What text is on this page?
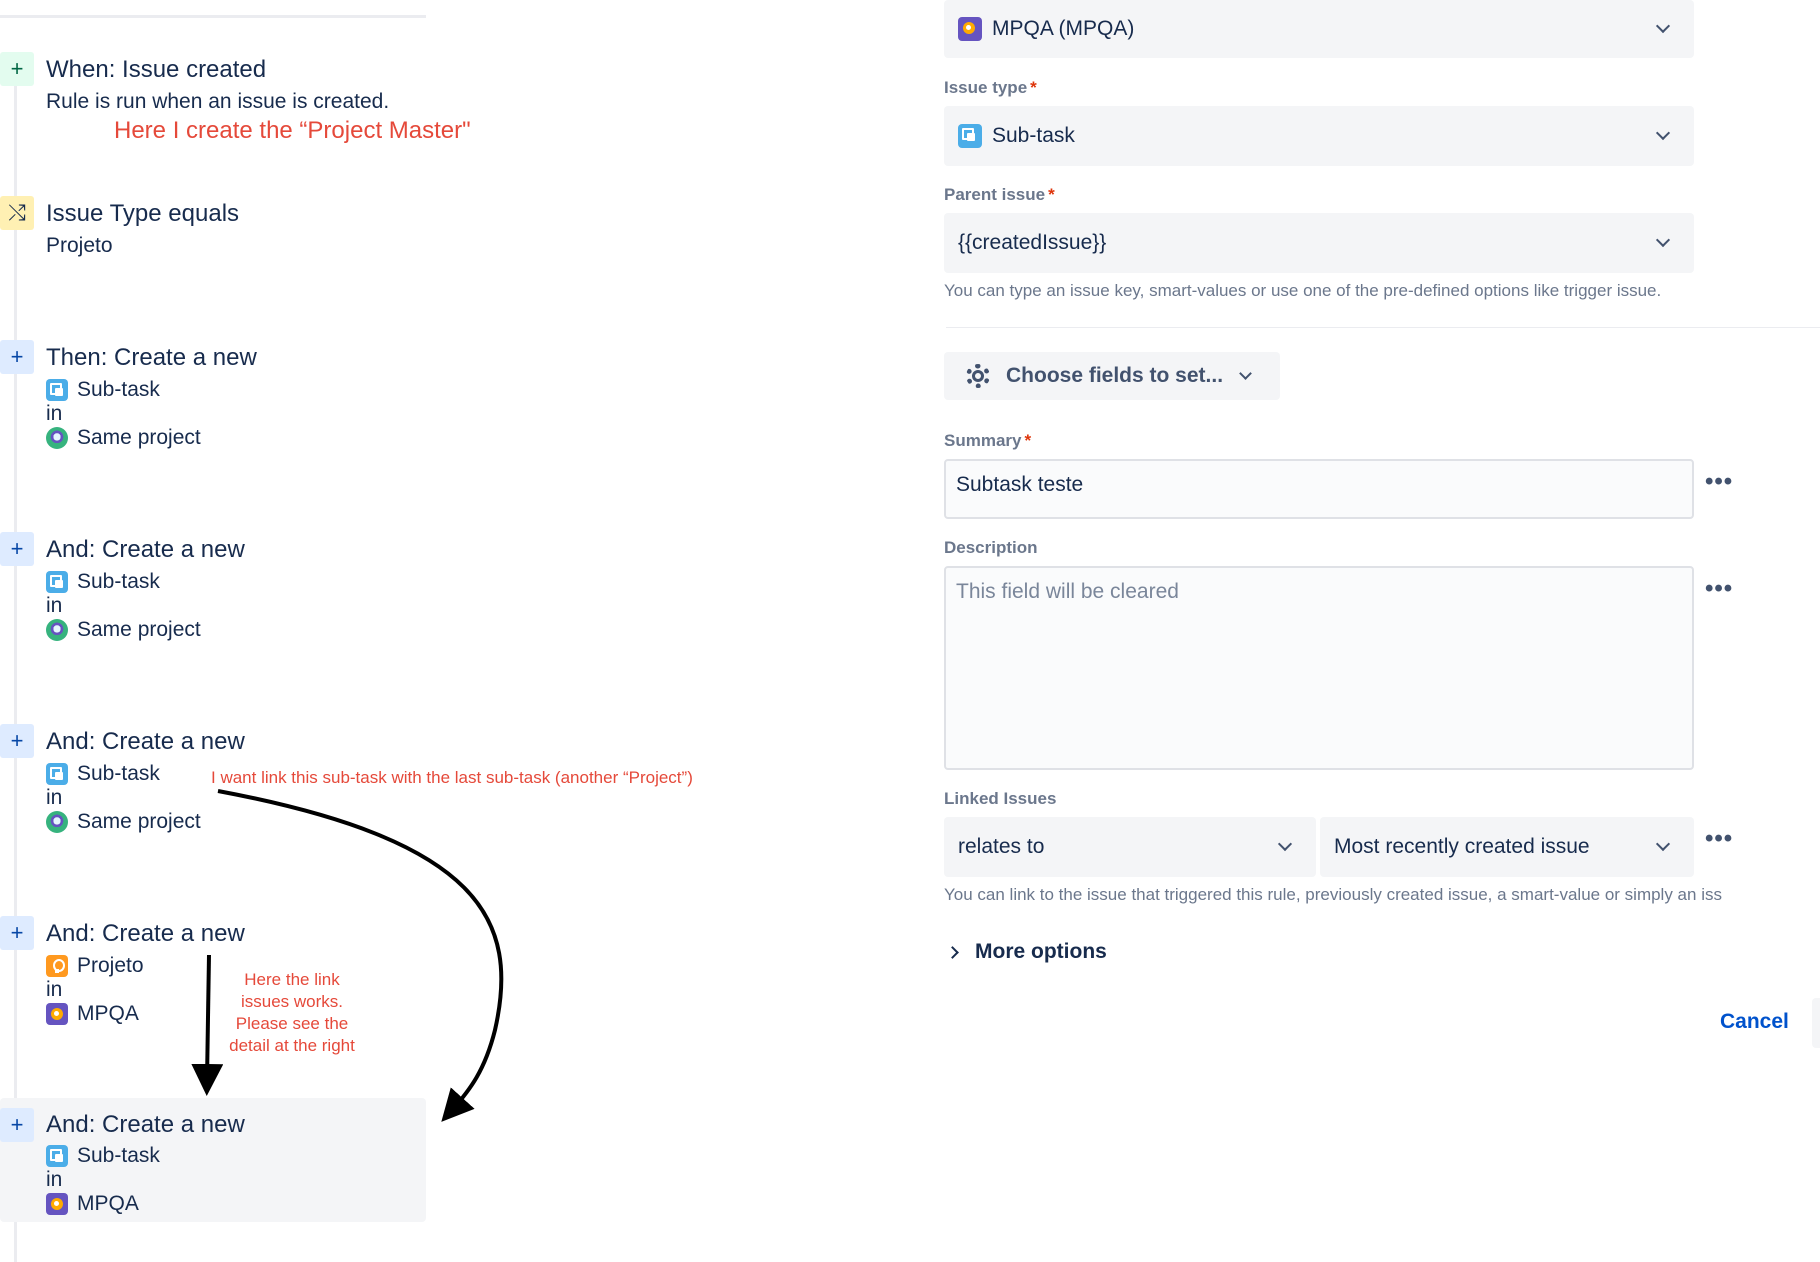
+ When: Issue created
Rule is run when an issue is created.
Here I create the “Project Master"
⤭ Issue Type equals
Projeto
+ Then: Create a new
Sub-task
in
Same project
+ And: Create a new
Sub-task
in
Same project
+ And: Create a new
Sub-task
in
Same project
I want link this sub-task with the last sub-task (another “Project”)
+ And: Create a new
Projeto
in
MPQA
Here the link
issues works.
Please see the
detail at the right
+ And: Create a new
Sub-task
in
MPQA
MPQA (MPQA)
Issue type *
Sub-task
Parent issue *
{{createdIssue}}
You can type an issue key, smart-values or use one of the pre-defined options like trigger issue.
Choose fields to set...
Summary *
Subtask teste	•••
Description
This field will be cleared	•••
Linked Issues
relates to	Most recently created issue	•••
You can link to the issue that triggered this rule, previously created issue, a smart-value or simply an iss
More options
Cancel
